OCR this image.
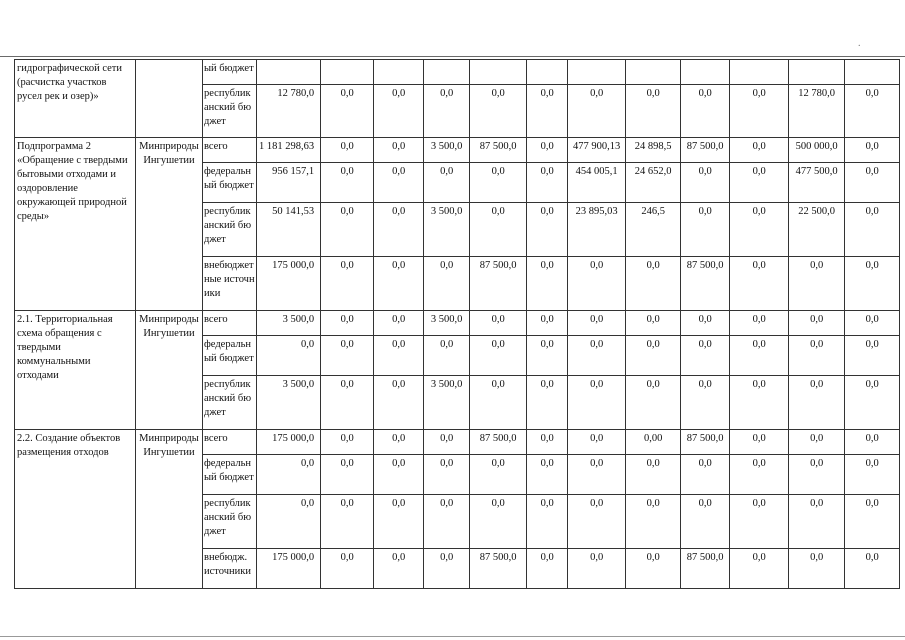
гидрографической сети (расчистка участков русел рек и озер)»		ый бюджет												
		республиканский бюджет	12 780,0	0,0	0,0	0,0	0,0	0,0	0,0	0,0	0,0	0,0	12 780,0	0,0
Подпрограмма 2 «Обращение с твердыми бытовыми отходами и оздоровление окружающей природной среды»	Минприроды Ингушетии	всего	1 181 298,63	0,0	0,0	3 500,0	87 500,0	0,0	477 900,13	24 898,5	87 500,0	0,0	500 000,0	0,0
		федеральный бюджет	956 157,1	0,0	0,0	0,0	0,0	0,0	454 005,1	24 652,0	0,0	0,0	477 500,0	0,0
		республиканский бюджет	50 141,53	0,0	0,0	3 500,0	0,0	0,0	23 895,03	246,5	0,0	0,0	22 500,0	0,0
		внебюджетные источники	175 000,0	0,0	0,0	0,0	87 500,0	0,0	0,0	0,0	87 500,0	0,0	0,0	0,0
2.1. Территориальная схема обращения с твердыми коммунальными отходами	Минприроды Ингушетии	всего	3 500,0	0,0	0,0	3 500,0	0,0	0,0	0,0	0,0	0,0	0,0	0,0	0,0
		федеральный бюджет	0,0	0,0	0,0	0,0	0,0	0,0	0,0	0,0	0,0	0,0	0,0	0,0
		республиканский бюджет	3 500,0	0,0	0,0	3 500,0	0,0	0,0	0,0	0,0	0,0	0,0	0,0	0,0
2.2. Создание объектов размещения отходов	Минприроды Ингушетии	всего	175 000,0	0,0	0,0	0,0	87 500,0	0,0	0,0	0,00	87 500,0	0,0	0,0	0,0
		федеральный бюджет	0,0	0,0	0,0	0,0	0,0	0,0	0,0	0,0	0,0	0,0	0,0	0,0
		республиканский бюджет	0,0	0,0	0,0	0,0	0,0	0,0	0,0	0,0	0,0	0,0	0,0	0,0
		внебюдж. источники	175 000,0	0,0	0,0	0,0	87 500,0	0,0	0,0	0,0	87 500,0	0,0	0,0	0,0
.
